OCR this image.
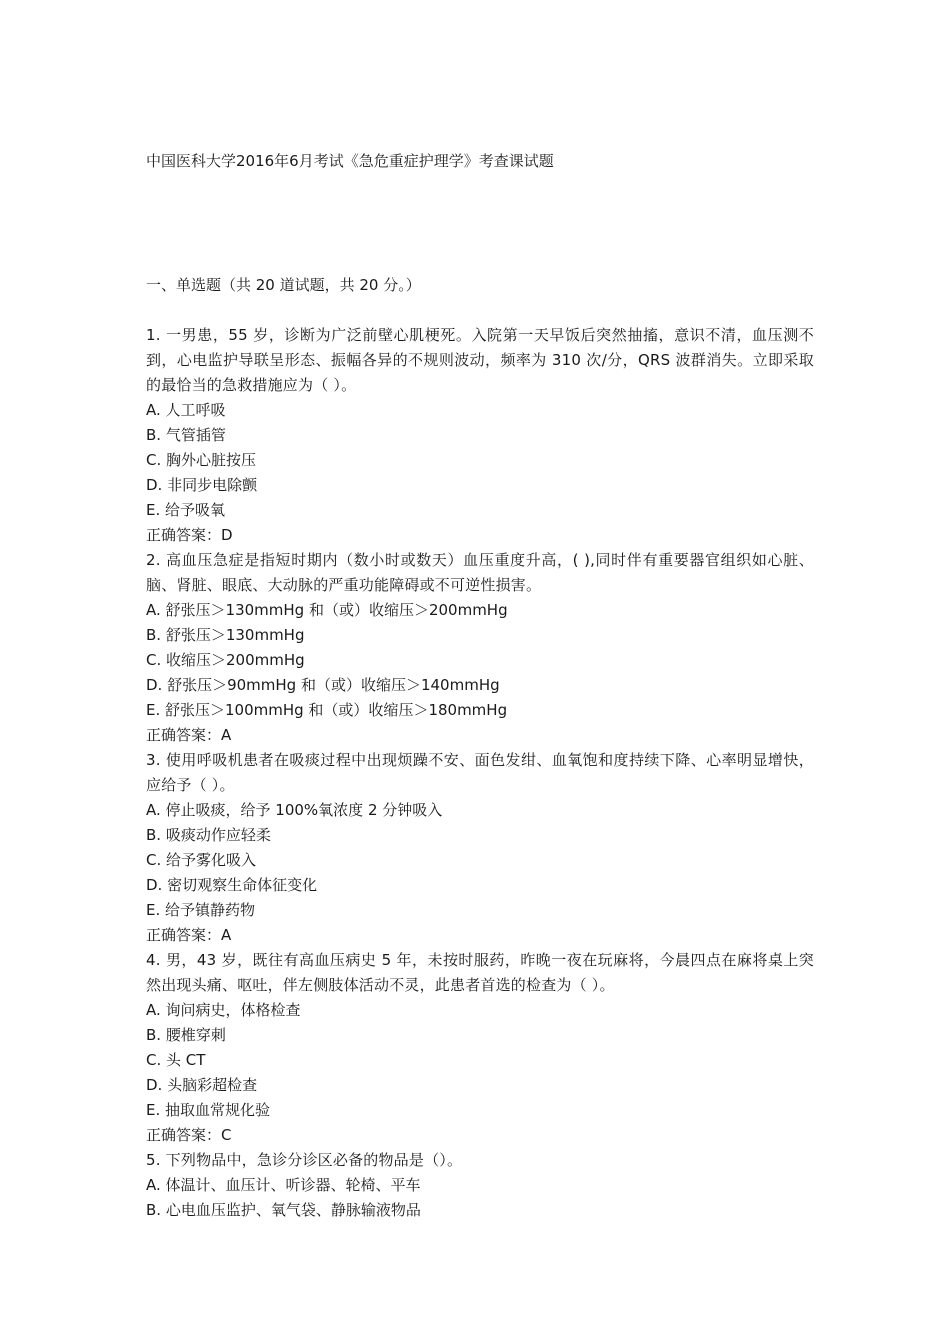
中国医科大学2016年6月考试《急危重症护理学》考查课试题
一、单选题（共 20 道试题，共 20 分。）

1. 一男患，55 岁，诊断为广泛前壁心肌梗死。入院第一天早饭后突然抽搐，意识不清，血压测不到，心电监护导联呈形态、振幅各异的不规则波动，频率为 310 次/分，QRS 波群消失。立即采取的最恰当的急救措施应为（ ）。

A. 人工呼吸

B. 气管插管

C. 胸外心脏按压

D. 非同步电除颤

E. 给予吸氧

正确答案：D

2. 高血压急症是指短时期内（数小时或数天）血压重度升高，( ),同时伴有重要器官组织如心脏、脑、肾脏、眼底、大动脉的严重功能障碍或不可逆性损害。

A. 舒张压＞130mmHg 和（或）收缩压＞200mmHg

B. 舒张压＞130mmHg

C. 收缩压＞200mmHg

D. 舒张压＞90mmHg 和（或）收缩压＞140mmHg

E. 舒张压＞100mmHg 和（或）收缩压＞180mmHg

正确答案：A

3. 使用呼吸机患者在吸痰过程中出现烦躁不安、面色发绀、血氧饱和度持续下降、心率明显增快，应给予（ ）。

A. 停止吸痰，给予 100%氧浓度 2 分钟吸入

B. 吸痰动作应轻柔

C. 给予雾化吸入

D. 密切观察生命体征变化

E. 给予镇静药物

正确答案：A

4. 男，43 岁，既往有高血压病史 5 年，未按时服药，昨晚一夜在玩麻将，今晨四点在麻将桌上突然出现头痛、呕吐，伴左侧肢体活动不灵，此患者首选的检查为（ ）。

A. 询问病史，体格检查

B. 腰椎穿刺

C. 头 CT

D. 头脑彩超检查

E. 抽取血常规化验

正确答案：C

5. 下列物品中，急诊分诊区必备的物品是（）。

A. 体温计、血压计、听诊器、轮椅、平车

B. 心电血压监护、氧气袋、静脉输液物品
